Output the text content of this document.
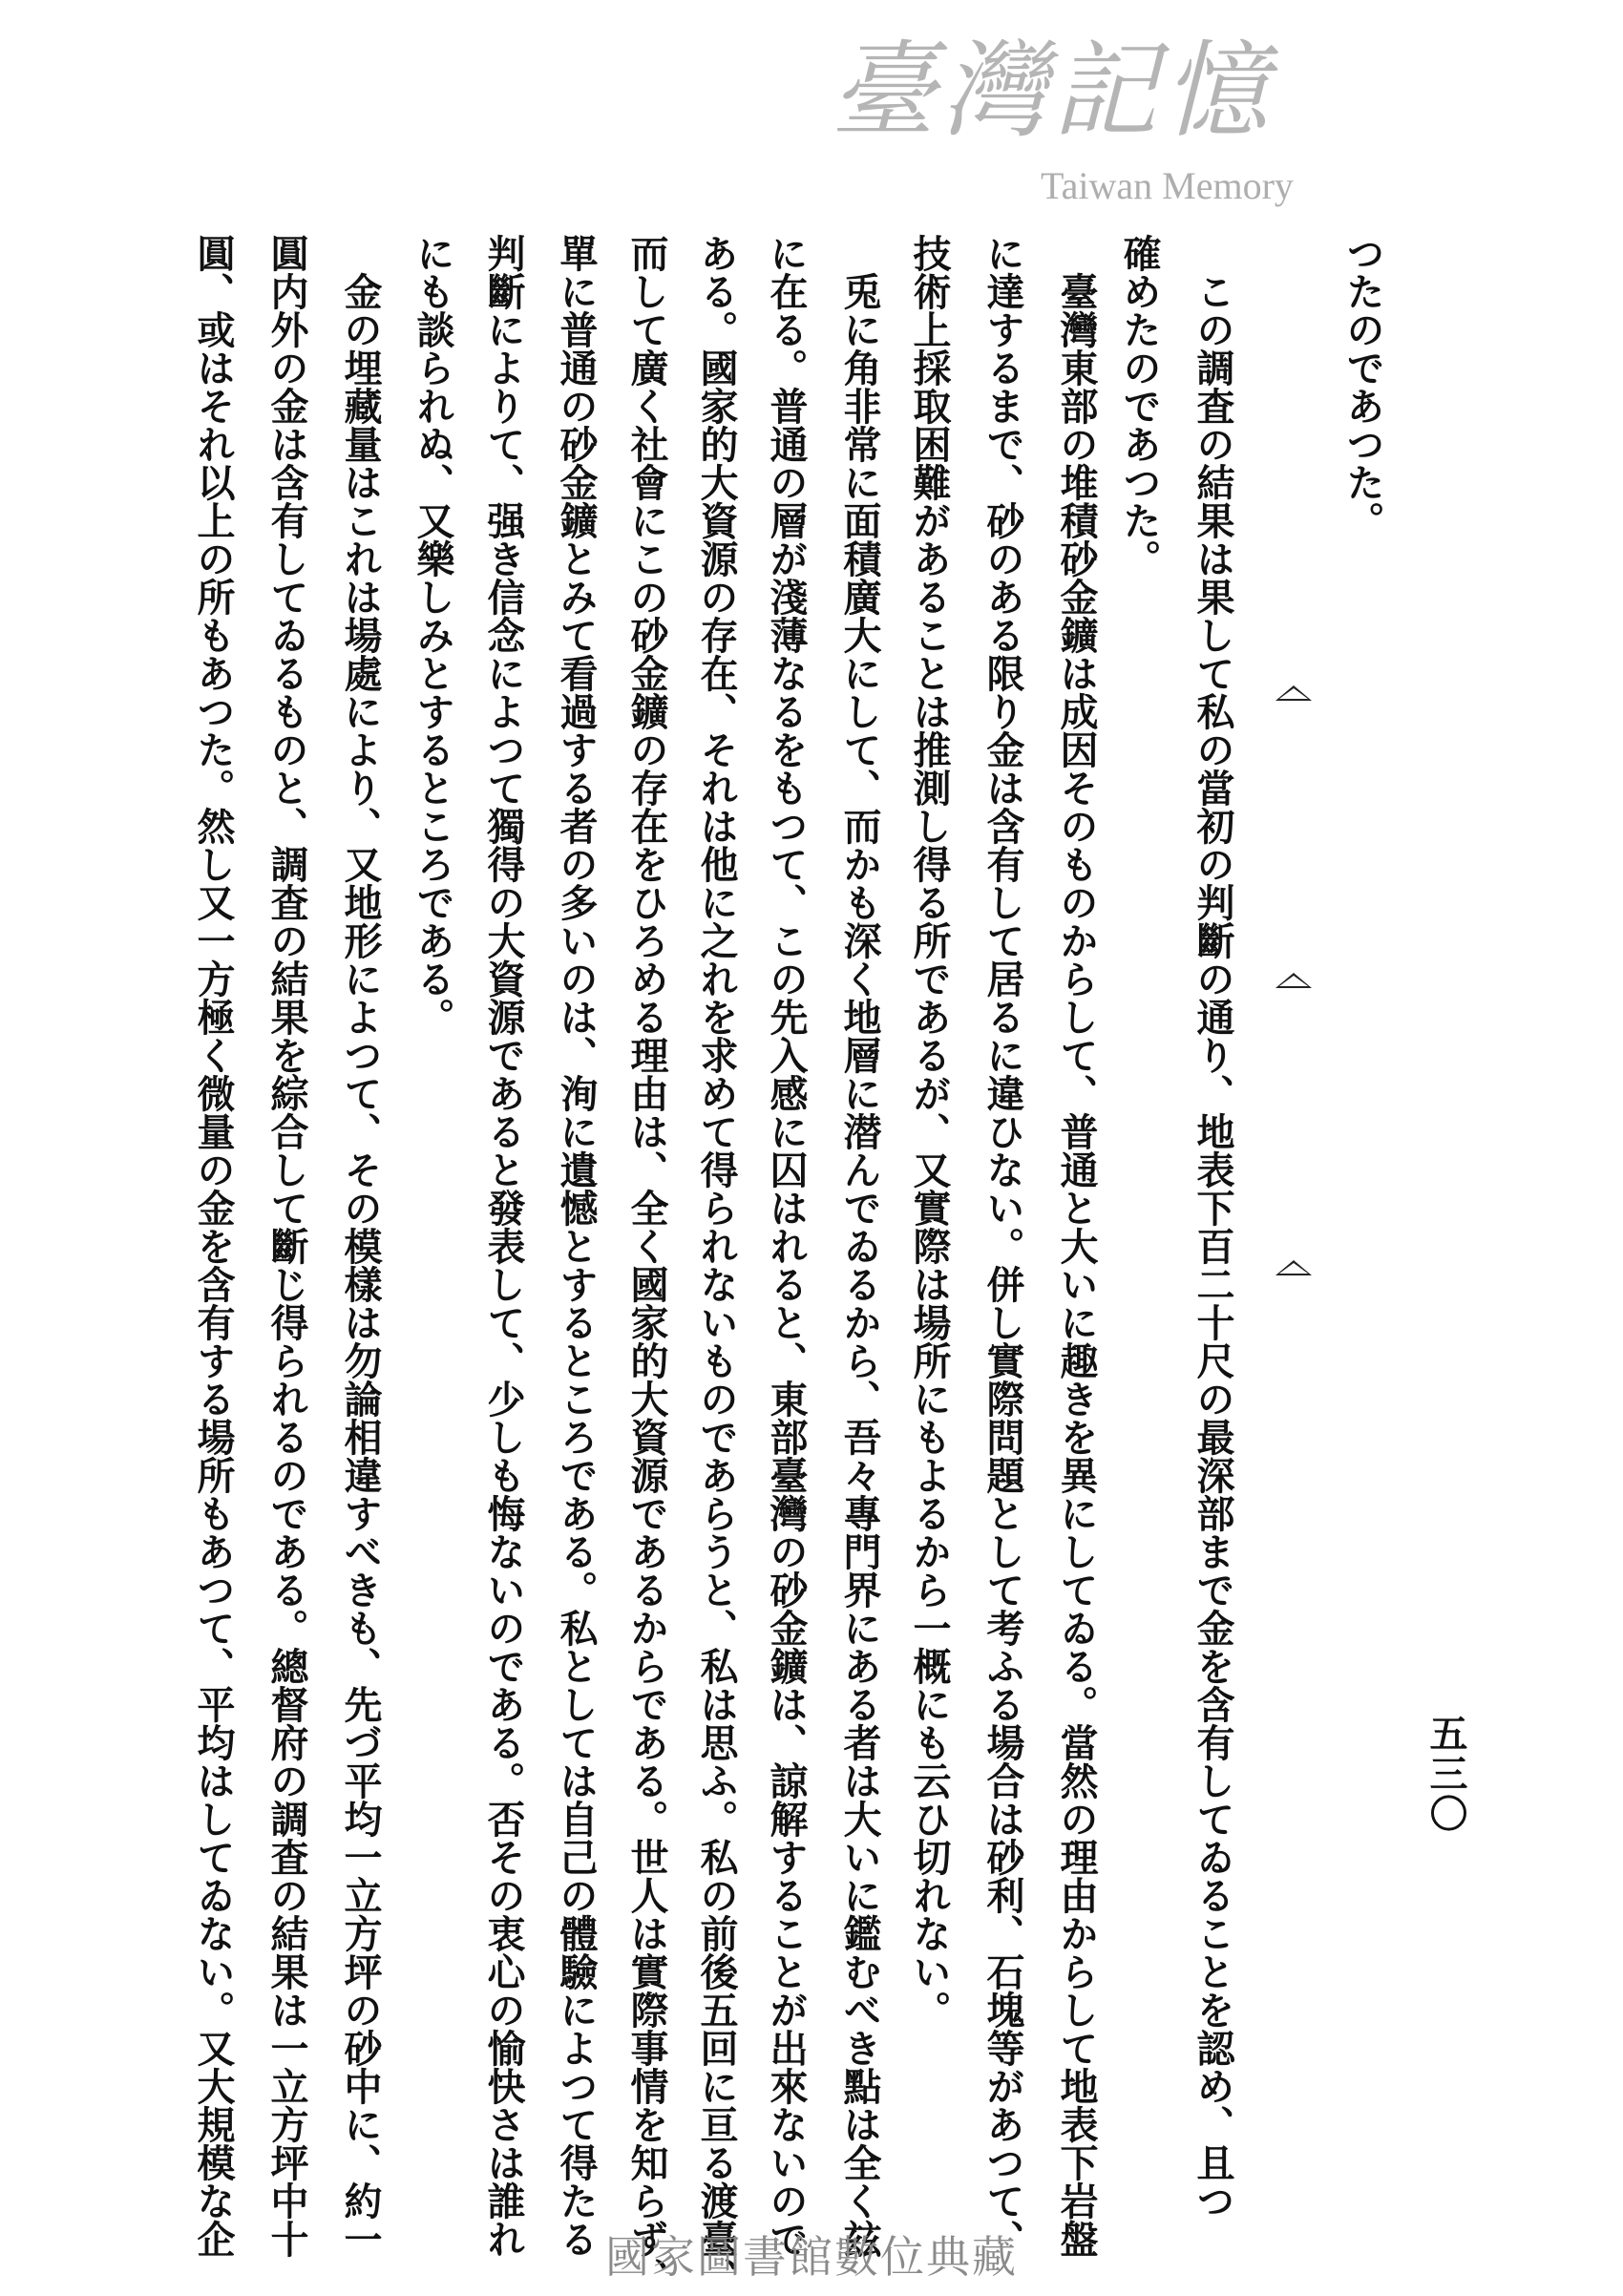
つたのであつた。
この調査の結果は果して私の當初の判斷の通り、地表下百二十尺の最深部まで金を含有してゐることを認め、且つ
確めたのであつた。
臺灣東部の堆積砂金鑛は成因そのものからして、普通と大いに趣きを異にしてゐる。當然の理由からして地表下岩盤
に達するまで、砂のある限り金は含有して居るに違ひない。併し實際問題として考ふる場合は砂利、石塊等があつて、
技術上採取困難があることは推測し得る所であるが、又實際は場所にもよるから一概にも云ひ切れない。
兎に角非常に面積廣大にして、而かも深く地層に潜んでゐるから、吾々專門界にある者は大いに鑑むべき點は全く玆
に在る。普通の層が淺薄なるをもつて、この先入感に囚はれると、東部臺灣の砂金鑛は、諒解することが出來ないので
ある。國家的大資源の存在、それは他に之れを求めて得られないものであらうと、私は思ふ。私の前後五回に亘る渡臺、
而して廣く社會にこの砂金鑛の存在をひろめる理由は、全く國家的大資源であるからである。世人は實際事情を知らず、
單に普通の砂金鑛とみて看過する者の多いのは、洵に遺憾とするところである。私としては自己の體驗によつて得たる
判斷によりて、强き信念によつて獨得の大資源であると發表して、少しも悔ないのである。否その衷心の愉快さは誰れ
にも談られぬ、又樂しみとするところである。
金の埋藏量はこれは場處により、又地形によつて、その模樣は勿論相違すべきも、先づ平均一立方坪の砂中に、約一
圓内外の金は含有してゐるものと、調査の結果を綜合して斷じ得られるのである。總督府の調査の結果は一立方坪中十
圓、或はそれ以上の所もあつた。然し又一方極く微量の金を含有する場所もあつて、平均はしてゐない。又大規模な企	五三〇
臺灣記憶
Taiwan Memory
國家圖書館數位典藏
